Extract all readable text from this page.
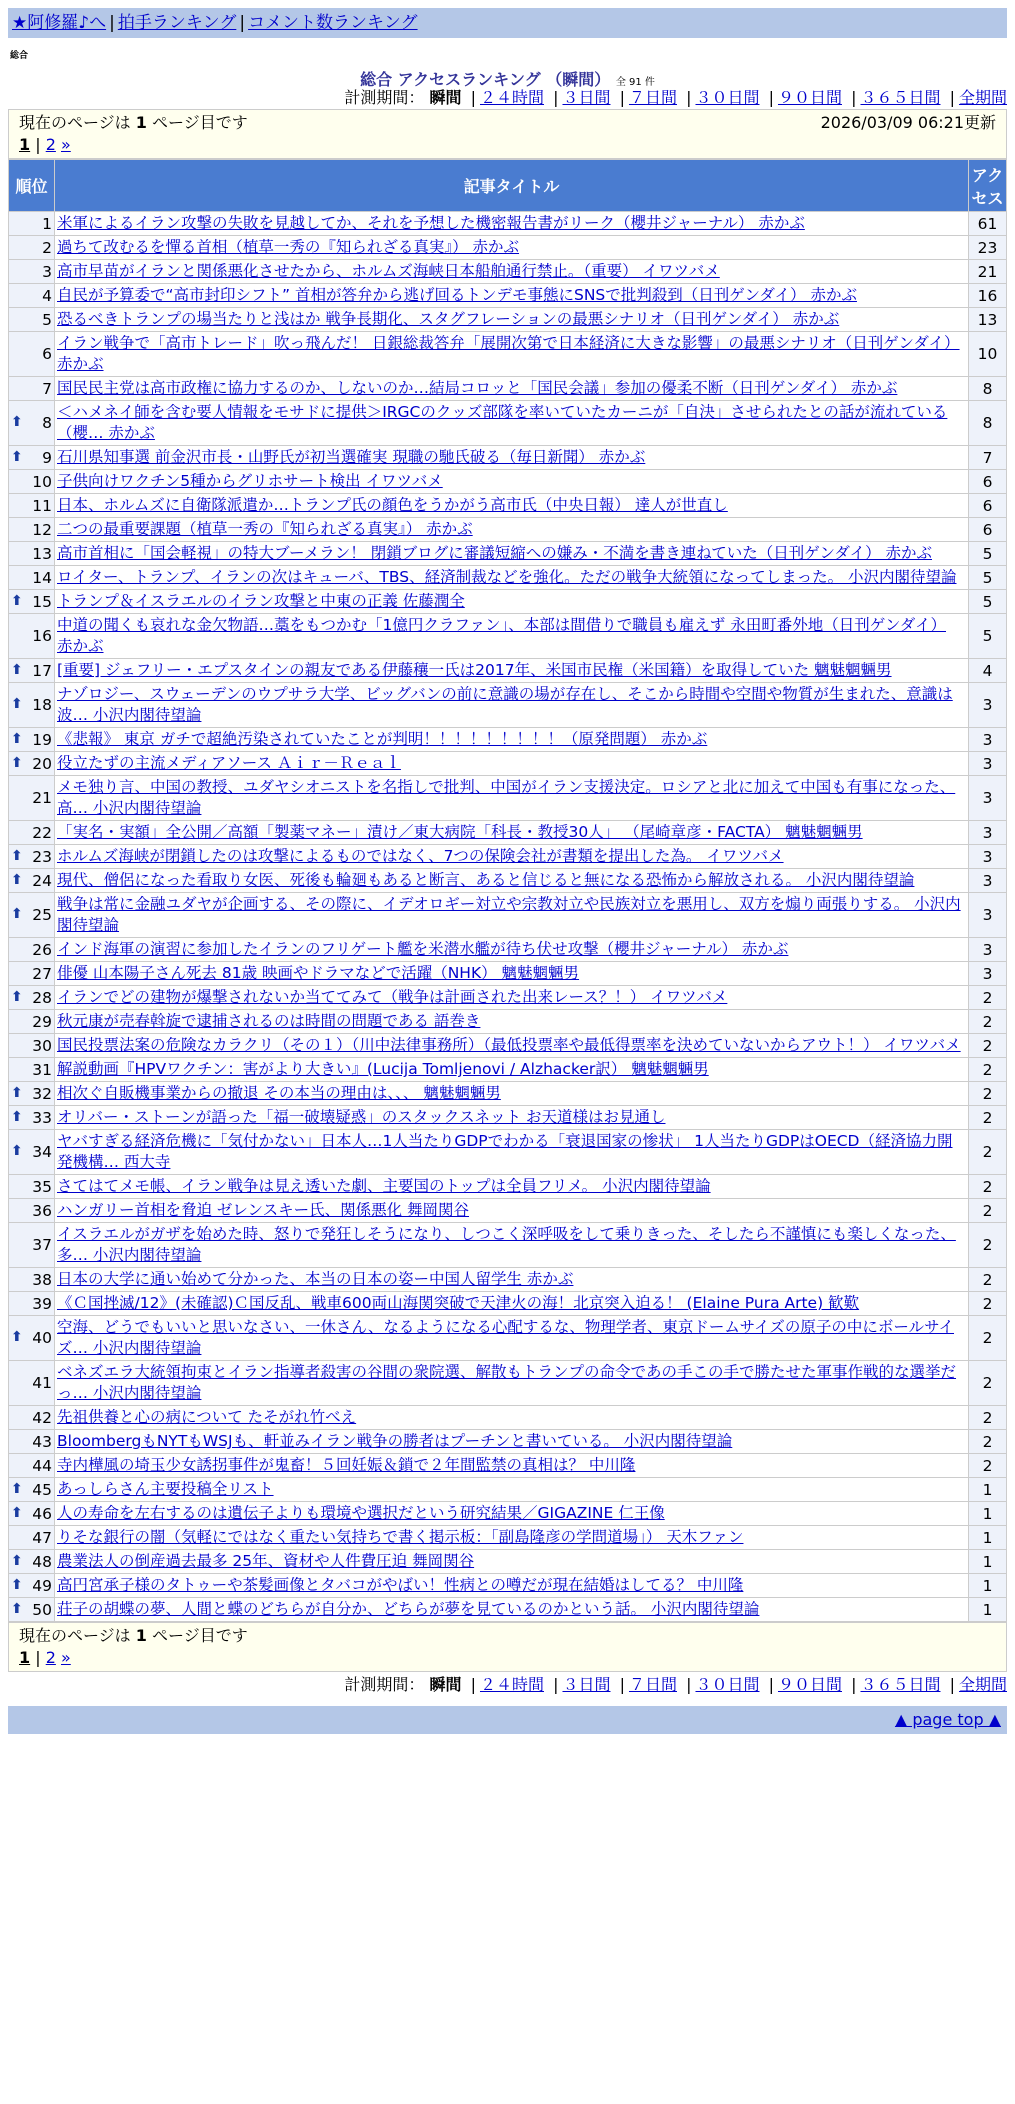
★阿修羅♪へ | 拍手ランキング | コメント数ランキング
総合
総合 アクセスランキング （瞬間） 全 91 件
計測期間： 瞬間 | ２４時間 | ３日間 | ７日間 | ３０日間 | ９０日間 | ３６５日間 | 全期間
現在のページは 1 ページ目です	2026/03/09 06:21更新
1 | 2 »
順位	記事タイトル	アクセス
1	米軍によるイラン攻撃の失敗を見越してか、それを予想した機密報告書がリーク（櫻井ジャーナル） 赤かぶ	61
2	過ちて改むるを憚る首相（植草一秀の『知られざる真実』） 赤かぶ	23
3	高市早苗がイランと関係悪化させたから、ホルムズ海峡日本船舶通行禁止。（重要） イワツバメ	21
4	自民が予算委で“高市封印シフト” 首相が答弁から逃げ回るトンデモ事態にSNSで批判殺到（日刊ゲンダイ） 赤かぶ	16
5	恐るべきトランプの場当たりと浅はか 戦争長期化、スタグフレーションの最悪シナリオ（日刊ゲンダイ） 赤かぶ	13
6	イラン戦争で「高市トレード」吹っ飛んだ！ 日銀総裁答弁「展開次第で日本経済に大きな影響」の最悪シナリオ（日刊ゲンダイ） 赤かぶ	10
7	国民民主党は高市政権に協力するのか、しないのか…結局コロッと「国民会議」参加の優柔不断（日刊ゲンダイ） 赤かぶ	8

⬆ 8	＜ハメネイ師を含む要人情報をモサドに提供＞IRGCのクッズ部隊を率いていたカーニが「自決」させられたとの話が流れている（櫻… 赤かぶ	8

⬆ 9	石川県知事選 前金沢市長・山野氏が初当選確実 現職の馳氏破る（毎日新聞） 赤かぶ	7
10	子供向けワクチン5種からグリホサート検出 イワツバメ	6
11	日本、ホルムズに自衛隊派遣か…トランプ氏の顔色をうかがう高市氏（中央日報） 達人が世直し	6
12	二つの最重要課題（植草一秀の『知られざる真実』） 赤かぶ	6
13	高市首相に「国会軽視」の特大ブーメラン！ 閉鎖ブログに審議短縮への嫌み・不満を書き連ねていた（日刊ゲンダイ） 赤かぶ	5
14	ロイター、トランプ、イランの次はキューバ、TBS、経済制裁などを強化。ただの戦争大統領になってしまった。 小沢内閣待望論	5

⬆ 15	トランプ＆イスラエルのイラン攻撃と中東の正義 佐藤潤全	5
16	中道の聞くも哀れな金欠物語…藁をもつかむ「1億円クラファン」、本部は間借りで職員も雇えず 永田町番外地（日刊ゲンダイ） 赤かぶ	5

⬆ 17	[重要] ジェフリー・エプスタインの親友である伊藤穰一氏は2017年、米国市民権（米国籍）を取得していた 魑魅魍魎男	4

⬆ 18	ナゾロジー、スウェーデンのウプサラ大学、ビッグバンの前に意識の場が存在し、そこから時間や空間や物質が生まれた、意識は波… 小沢内閣待望論	3

⬆ 19	《悲報》 東京 ガチで超絶汚染されていたことが判明！！！！！！！！！（原発問題） 赤かぶ	3

⬆ 20	役立たずの主流メディアソース Ａｉｒ－Ｒｅａｌ	3
21	メモ独り言、中国の教授、ユダヤシオニストを名指しで批判、中国がイラン支援決定。ロシアと北に加えて中国も有事になった、高… 小沢内閣待望論	3
22	「実名・実額」全公開／高額「製薬マネー」漬け／東大病院「科長・教授30人」 （尾崎章彦・FACTA） 魑魅魍魎男	3

⬆ 23	ホルムズ海峡が閉鎖したのは攻撃によるものではなく、7つの保険会社が書類を提出した為。 イワツバメ	3

⬆ 24	現代、僧侶になった看取り女医、死後も輪廻もあると断言、あると信じると無になる恐怖から解放される。 小沢内閣待望論	3

⬆ 25	戦争は常に金融ユダヤが企画する、その際に、イデオロギー対立や宗教対立や民族対立を悪用し、双方を煽り両張りする。 小沢内閣待望論	3
26	インド海軍の演習に参加したイランのフリゲート艦を米潜水艦が待ち伏せ攻撃（櫻井ジャーナル） 赤かぶ	3
27	俳優 山本陽子さん死去 81歳 映画やドラマなどで活躍（NHK） 魑魅魍魎男	3

⬆ 28	イランでどの建物が爆撃されないか当ててみて（戦争は計画された出来レース？！） イワツバメ	2
29	秋元康が売春斡旋で逮捕されるのは時間の問題である 語巻き	2
30	国民投票法案の危険なカラクリ（その１）（川中法律事務所）（最低投票率や最低得票率を決めていないからアウト！） イワツバメ	2
31	解説動画『HPVワクチン：害がより大きい』(Lucija Tomljenovi / Alzhacker訳） 魑魅魍魎男	2

⬆ 32	相次ぐ自販機事業からの撤退 その本当の理由は、、、 魑魅魍魎男	2

⬆ 33	オリバー・ストーンが語った「福一破壊疑惑」のスタックスネット お天道様はお見通し	2

⬆ 34	ヤバすぎる経済危機に「気付かない」日本人…1人当たりGDPでわかる「衰退国家の惨状」 1人当たりGDPはOECD（経済協力開発機構… 西大寺	2
35	さてはてメモ帳、イラン戦争は見え透いた劇、主要国のトップは全員フリメ。 小沢内閣待望論	2
36	ハンガリー首相を脅迫 ゼレンスキー氏、関係悪化 舞岡関谷	2
37	イスラエルがガザを始めた時、怒りで発狂しそうになり、しつこく深呼吸をして乗りきった、そしたら不謹慎にも楽しくなった、多… 小沢内閣待望論	2
38	日本の大学に通い始めて分かった、本当の日本の姿ー中国人留学生 赤かぶ	2
39	《Ｃ国挫滅/12》(未確認)Ｃ国反乱、戦車600両山海関突破で天津火の海！北京突入迫る！ (Elaine Pura Arte) 歓歎	2

⬆ 40	空海、どうでもいいと思いなさい、一休さん、なるようになる心配するな、物理学者、東京ドームサイズの原子の中にボールサイズ… 小沢内閣待望論	2
41	ベネズエラ大統領拘束とイラン指導者殺害の谷間の衆院選、解散もトランプの命令であの手この手で勝たせた軍事作戦的な選挙だっ… 小沢内閣待望論	2
42	先祖供養と心の病について たそがれ竹べえ	2
43	BloombergもNYTもWSJも、軒並みイラン戦争の勝者はプーチンと書いている。 小沢内閣待望論	2
44	寺内樺風の埼玉少女誘拐事件が鬼畜！５回妊娠＆鎖で２年間監禁の真相は？ 中川隆	2

⬆ 45	あっしらさん主要投稿全リスト	1

⬆ 46	人の寿命を左右するのは遺伝子よりも環境や選択だという研究結果／GIGAZINE 仁王像	1
47	りそな銀行の闇（気軽にではなく重たい気持ちで書く掲示板：「副島隆彦の学問道場」） 天木ファン	1

⬆ 48	農業法人の倒産過去最多 25年、資材や人件費圧迫 舞岡関谷	1

⬆ 49	高円宮承子様のタトゥーや茶髪画像とタバコがやばい！性病との噂だが現在結婚はしてる？ 中川隆	1

⬆ 50	荘子の胡蝶の夢、人間と蝶のどちらが自分か、どちらが夢を見ているのかという話。 小沢内閣待望論	1
現在のページは 1 ページ目です
1 | 2 »
計測期間： 瞬間 | ２４時間 | ３日間 | ７日間 | ３０日間 | ９０日間 | ３６５日間 | 全期間
▲ page top ▲
